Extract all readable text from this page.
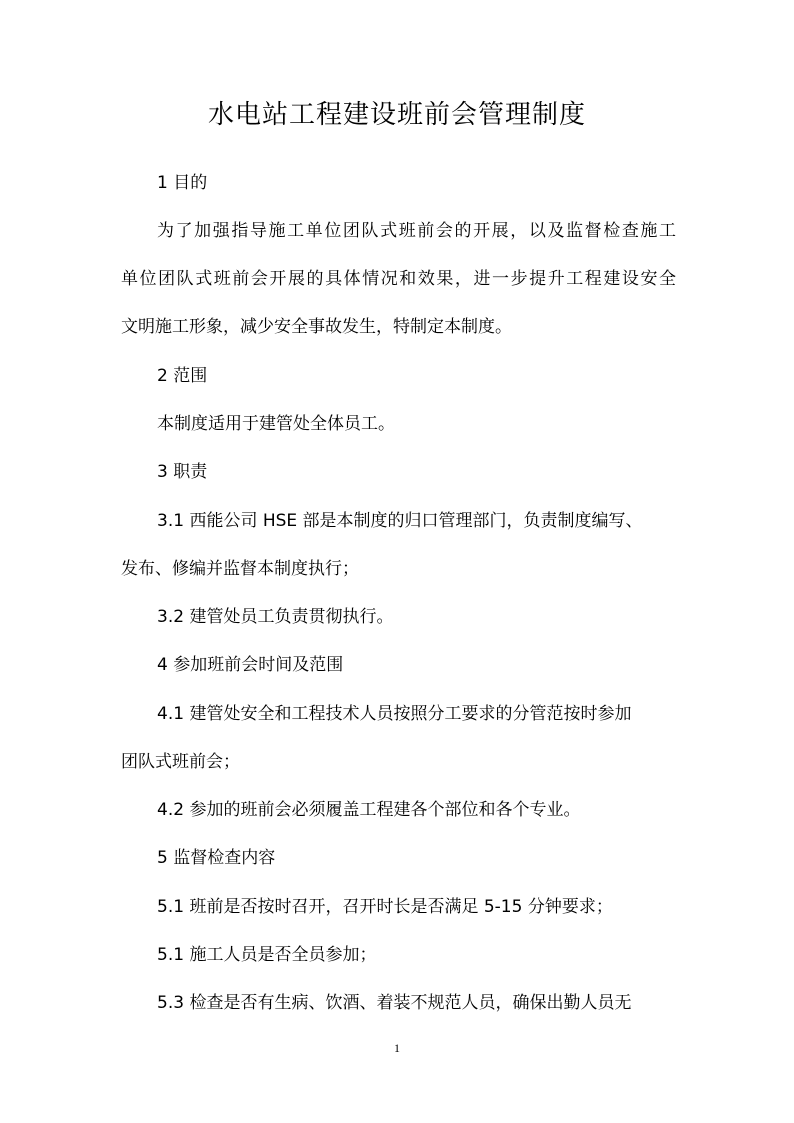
水电站工程建设班前会管理制度
1 目的
为了加强指导施工单位团队式班前会的开展，以及监督检查施工
单位团队式班前会开展的具体情况和效果，进一步提升工程建设安全
文明施工形象，减少安全事故发生，特制定本制度。
2 范围
本制度适用于建管处全体员工。
3 职责
3.1 西能公司 HSE 部是本制度的归口管理部门，负责制度编写、
发布、修编并监督本制度执行；
3.2 建管处员工负责贯彻执行。
4 参加班前会时间及范围
4.1 建管处安全和工程技术人员按照分工要求的分管范按时参加
团队式班前会；
4.2 参加的班前会必须履盖工程建各个部位和各个专业。
5 监督检查内容
5.1 班前是否按时召开，召开时长是否满足 5-15 分钟要求；
5.1 施工人员是否全员参加；
5.3 检查是否有生病、饮酒、着装不规范人员，确保出勤人员无
1
